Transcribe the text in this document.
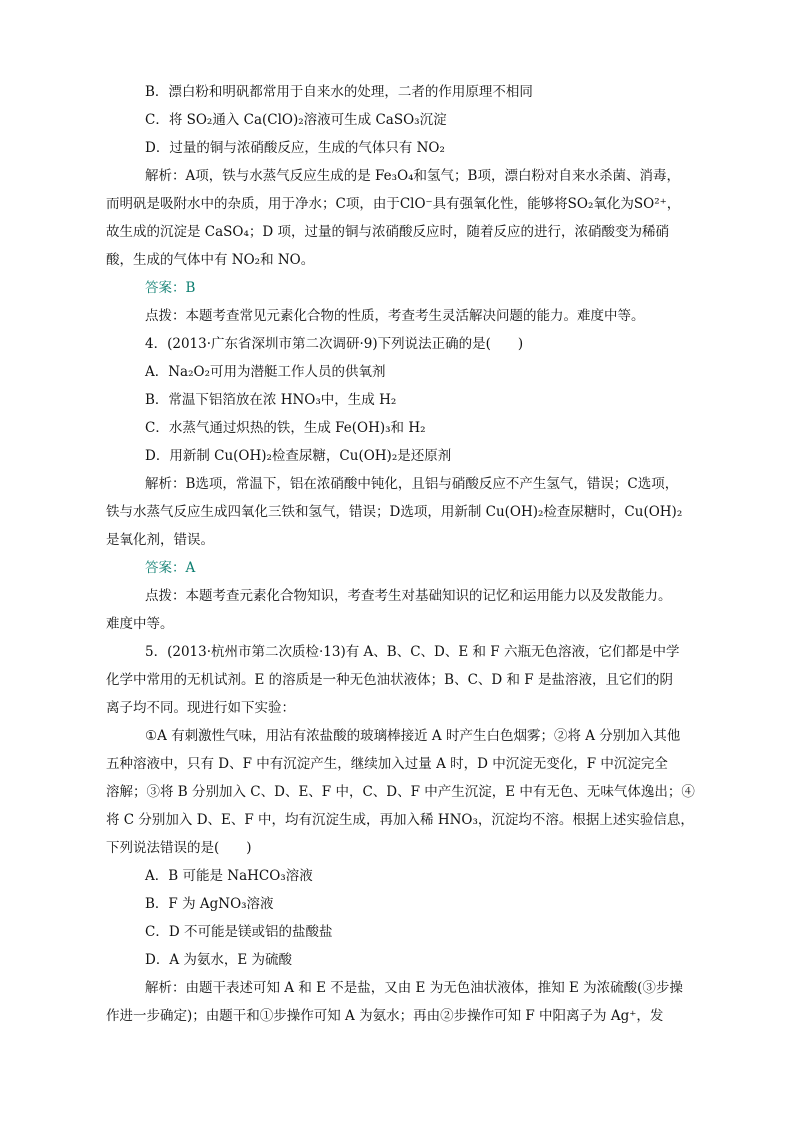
B．漂白粉和明矾都常用于自来水的处理，二者的作用原理不相同
C．将 SO₂通入 Ca(ClO)₂溶液可生成 CaSO₃沉淀
D．过量的铜与浓硝酸反应，生成的气体只有 NO₂
解析：A项，铁与水蒸气反应生成的是 Fe₃O₄和氢气；B项，漂白粉对自来水杀菌、消毒，
而明矾是吸附水中的杂质，用于净水；C项，由于ClO⁻具有强氧化性，能够将SO₂氧化为SO²⁺，
故生成的沉淀是 CaSO₄；D 项，过量的铜与浓硝酸反应时，随着反应的进行，浓硝酸变为稀硝
酸，生成的气体中有 NO₂和 NO。
答案：B
点拨：本题考查常见元素化合物的性质，考查考生灵活解决问题的能力。难度中等。
4．(2013·广东省深圳市第二次调研·9)下列说法正确的是(　　)
A．Na₂O₂可用为潜艇工作人员的供氧剂
B．常温下铝箔放在浓 HNO₃中，生成 H₂
C．水蒸气通过炽热的铁，生成 Fe(OH)₃和 H₂
D．用新制 Cu(OH)₂检查尿糖，Cu(OH)₂是还原剂
解析：B选项，常温下，铝在浓硝酸中钝化，且铝与硝酸反应不产生氢气，错误；C选项，
铁与水蒸气反应生成四氧化三铁和氢气，错误；D选项，用新制 Cu(OH)₂检查尿糖时，Cu(OH)₂
是氧化剂，错误。
答案：A
点拨：本题考查元素化合物知识，考查考生对基础知识的记忆和运用能力以及发散能力。
难度中等。
5．(2013·杭州市第二次质检·13)有 A、B、C、D、E 和 F 六瓶无色溶液，它们都是中学
化学中常用的无机试剂。E 的溶质是一种无色油状液体；B、C、D 和 F 是盐溶液，且它们的阴
离子均不同。现进行如下实验：
①A 有刺激性气味，用沾有浓盐酸的玻璃棒接近 A 时产生白色烟雾；②将 A 分别加入其他
五种溶液中，只有 D、F 中有沉淀产生，继续加入过量 A 时，D 中沉淀无变化，F 中沉淀完全
溶解；③将 B 分别加入 C、D、E、F 中，C、D、F 中产生沉淀，E 中有无色、无味气体逸出；④
将 C 分别加入 D、E、F 中，均有沉淀生成，再加入稀 HNO₃，沉淀均不溶。根据上述实验信息，
下列说法错误的是(　　)
A．B 可能是 NaHCO₃溶液
B．F 为 AgNO₃溶液
C．D 不可能是镁或铝的盐酸盐
D．A 为氨水，E 为硫酸
解析：由题干表述可知 A 和 E 不是盐，又由 E 为无色油状液体，推知 E 为浓硫酸(③步操
作进一步确定)；由题干和①步操作可知 A 为氨水；再由②步操作可知 F 中阳离子为 Ag⁺，发
